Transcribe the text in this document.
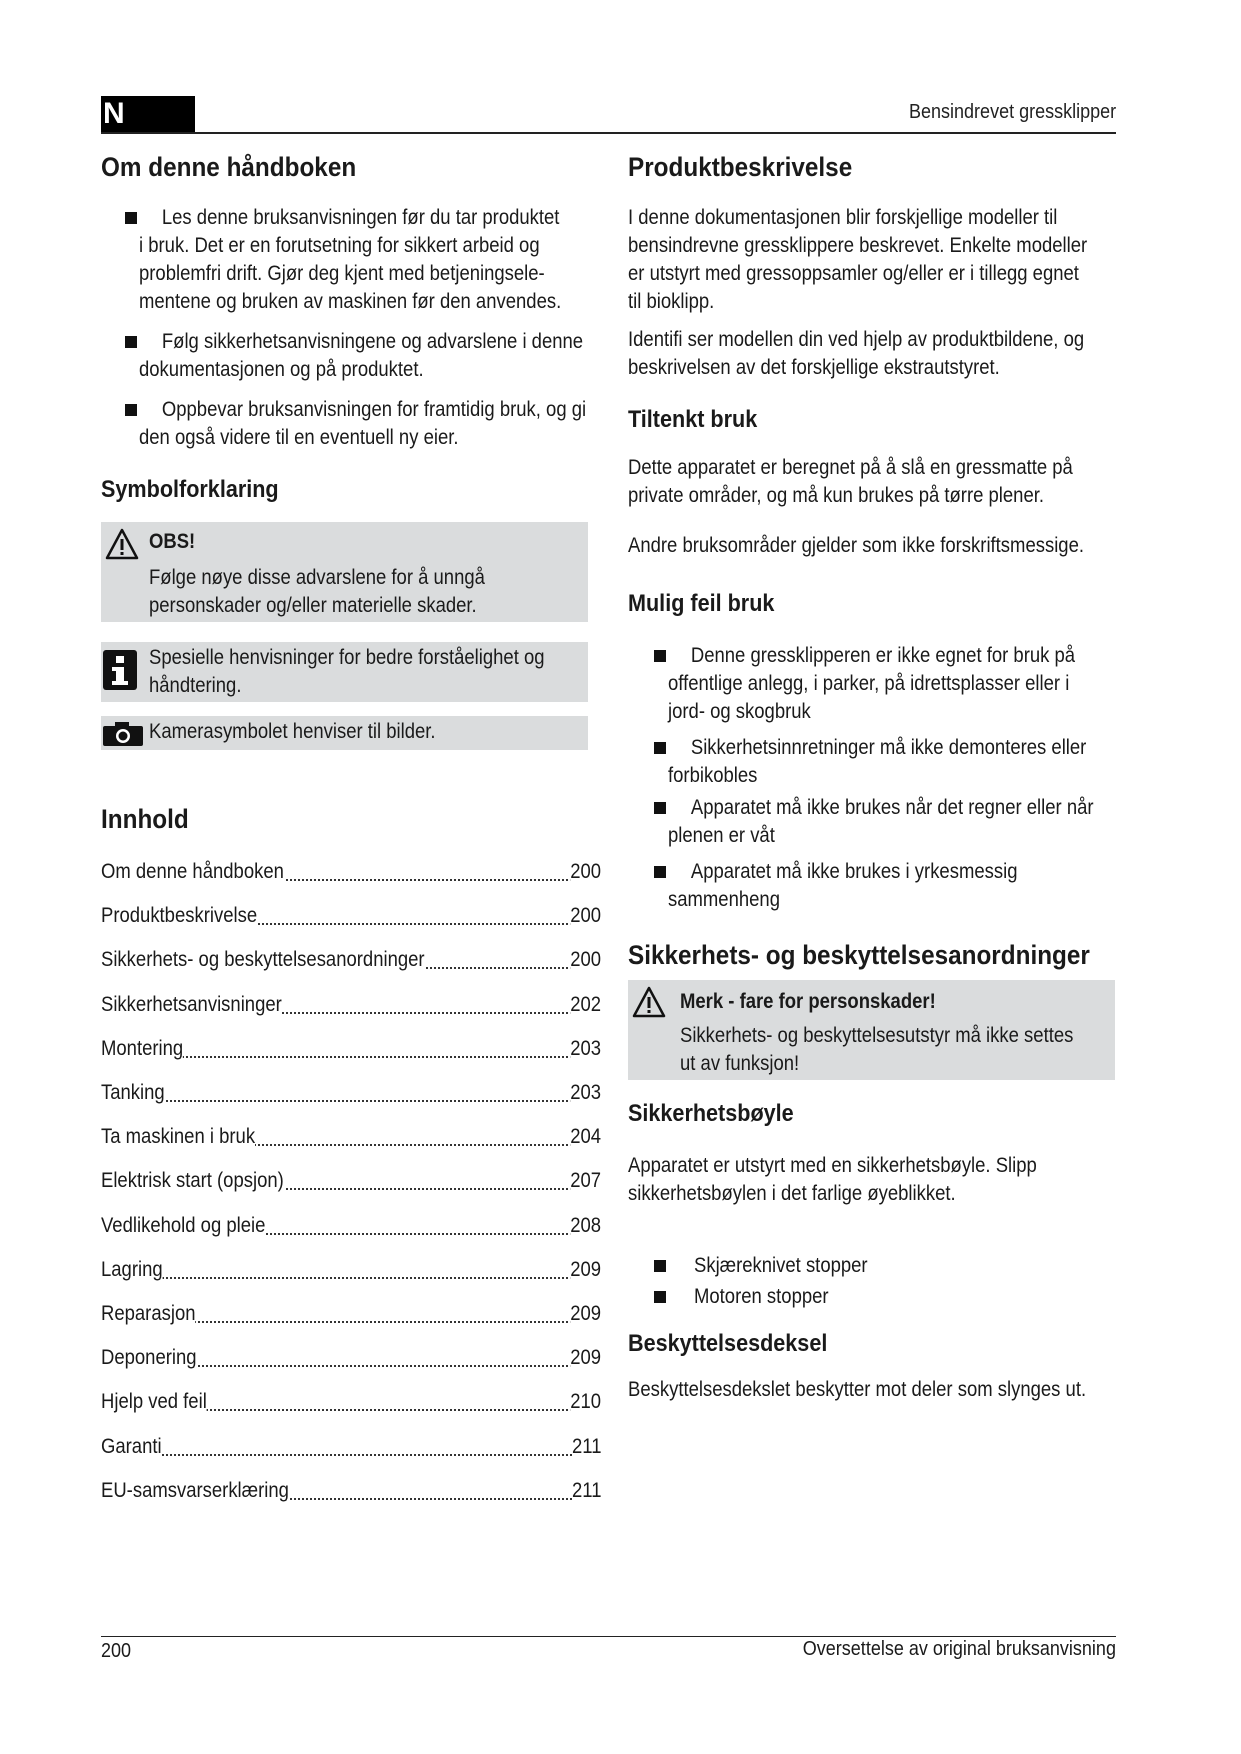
N	Bensindrevet gressklipper
Om denne håndboken

Les denne bruksanvisningen før du tar produktet

i bruk. Det er en forutsetning for sikkert arbeid og

problemfri drift. Gjør deg kjent med betjeningsele-

mentene og bruken av maskinen før den anvendes.

Følg sikkerhetsanvisningene og advarslene i denne

dokumentasjonen og på produktet.

Oppbevar bruksanvisningen for framtidig bruk, og gi

den også videre til en eventuell ny eier.

Symbolforklaring
OBS!
Følge nøye disse advarslene for å unngå
personskader og/eller materielle skader.
Spesielle henvisninger for bedre forståelighet og
håndtering.
Kamerasymbolet henviser til bilder.
Innhold
Om denne håndboken	200
Produktbeskrivelse	200
Sikkerhets- og beskyttelsesanordninger	200
Sikkerhetsanvisninger	202
Montering	203
Tanking	203
Ta maskinen i bruk	204
Elektrisk start (opsjon)	207
Vedlikehold og pleie	208
Lagring	209
Reparasjon	209
Deponering	209
Hjelp ved feil	210
Garanti	211
EU-samsvarserklæring	211
Produktbeskrivelse
I denne dokumentasjonen blir forskjellige modeller til
bensindrevne gressklippere beskrevet. Enkelte modeller
er utstyrt med gressoppsamler og/eller er i tillegg egnet
til bioklipp.
Identifi ser modellen din ved hjelp av produktbildene, og
beskrivelsen av det forskjellige ekstrautstyret.
Tiltenkt bruk
Dette apparatet er beregnet på å slå en gressmatte på
private områder, og må kun brukes på tørre plener.
Andre bruksområder gjelder som ikke forskriftsmessige.
Mulig feil bruk
Denne gressklipperen er ikke egnet for bruk på
offentlige anlegg, i parker, på idrettsplasser eller i
jord- og skogbruk
Sikkerhetsinnretninger må ikke demonteres eller
forbikobles
Apparatet må ikke brukes når det regner eller når
plenen er våt
Apparatet må ikke brukes i yrkesmessig
sammenheng
Sikkerhets- og beskyttelsesanordninger
Merk - fare for personskader!
Sikkerhets- og beskyttelsesutstyr må ikke settes
ut av funksjon!
Sikkerhetsbøyle
Apparatet er utstyrt med en sikkerhetsbøyle. Slipp
sikkerhetsbøylen i det farlige øyeblikket.
Skjæreknivet stopper
Motoren stopper
Beskyttelsesdeksel
Beskyttelsesdekslet beskytter mot deler som slynges ut.
200	Oversettelse av original bruksanvisning
